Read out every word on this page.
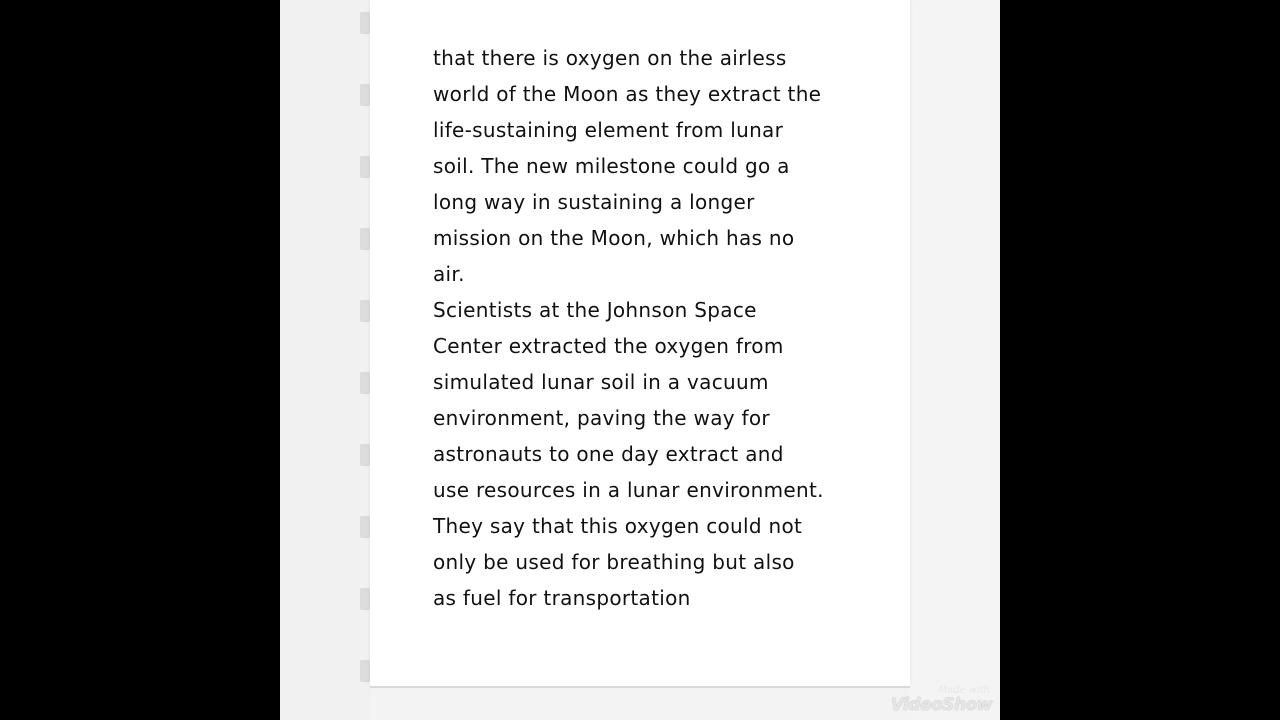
that there is oxygen on the airless
world of the Moon as they extract the
life-sustaining element from lunar
soil. The new milestone could go a
long way in sustaining a longer
mission on the Moon, which has no
air.
Scientists at the Johnson Space
Center extracted the oxygen from
simulated lunar soil in a vacuum
environment, paving the way for
astronauts to one day extract and
use resources in a lunar environment.
They say that this oxygen could not
only be used for breathing but also
as fuel for transportation
Made with
VideoShow
